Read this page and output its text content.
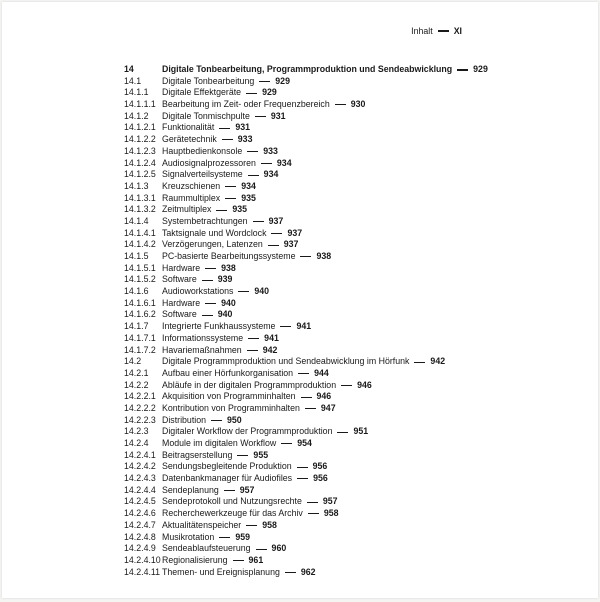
Inhalt XI
14	Digitale Tonbearbeitung, Programmproduktion und Sendeabwicklung 929
14.1	Digitale Tonbearbeitung 929
14.1.1	Digitale Effektgeräte 929
14.1.1.1 Bearbeitung im Zeit- oder Frequenzbereich 930
14.1.2	Digitale Tonmischpulte 931
14.1.2.1 Funktionalität 931
14.1.2.2 Gerätetechnik 933
14.1.2.3 Hauptbedienkonsole 933
14.1.2.4 Audiosignalprozessoren 934
14.1.2.5 Signalverteilsysteme 934
14.1.3	Kreuzschienen 934
14.1.3.1 Raummultiplex 935
14.1.3.2 Zeitmultiplex 935
14.1.4	Systembetrachtungen 937
14.1.4.1 Taktsignale und Wordclock 937
14.1.4.2 Verzögerungen, Latenzen 937
14.1.5	PC-basierte Bearbeitungssysteme 938
14.1.5.1 Hardware 938
14.1.5.2 Software 939
14.1.6	Audioworkstations 940
14.1.6.1 Hardware 940
14.1.6.2 Software 940
14.1.7	Integrierte Funkhaussysteme 941
14.1.7.1 Informationssysteme 941
14.1.7.2 Havariemaßnahmen 942
14.2	Digitale Programmproduktion und Sendeabwicklung im Hörfunk 942
14.2.1	Aufbau einer Hörfunkorganisation 944
14.2.2	Abläufe in der digitalen Programmproduktion 946
14.2.2.1 Akquisition von Programminhalten 946
14.2.2.2 Kontribution von Programminhalten 947
14.2.2.3 Distribution 950
14.2.3	Digitaler Workflow der Programmproduktion 951
14.2.4	Module im digitalen Workflow 954
14.2.4.1 Beitragserstellung 955
14.2.4.2 Sendungsbegleitende Produktion 956
14.2.4.3 Datenbankmanager für Audiofiles 956
14.2.4.4 Sendeplanung 957
14.2.4.5 Sendeprotokoll und Nutzungsrechte 957
14.2.4.6 Recherchewerkzeuge für das Archiv 958
14.2.4.7 Aktualitätenspeicher 958
14.2.4.8 Musikrotation 959
14.2.4.9 Sendeablaufsteuerung 960
14.2.4.10 Regionalisierung 961
14.2.4.11 Themen- und Ereignisplanung 962
